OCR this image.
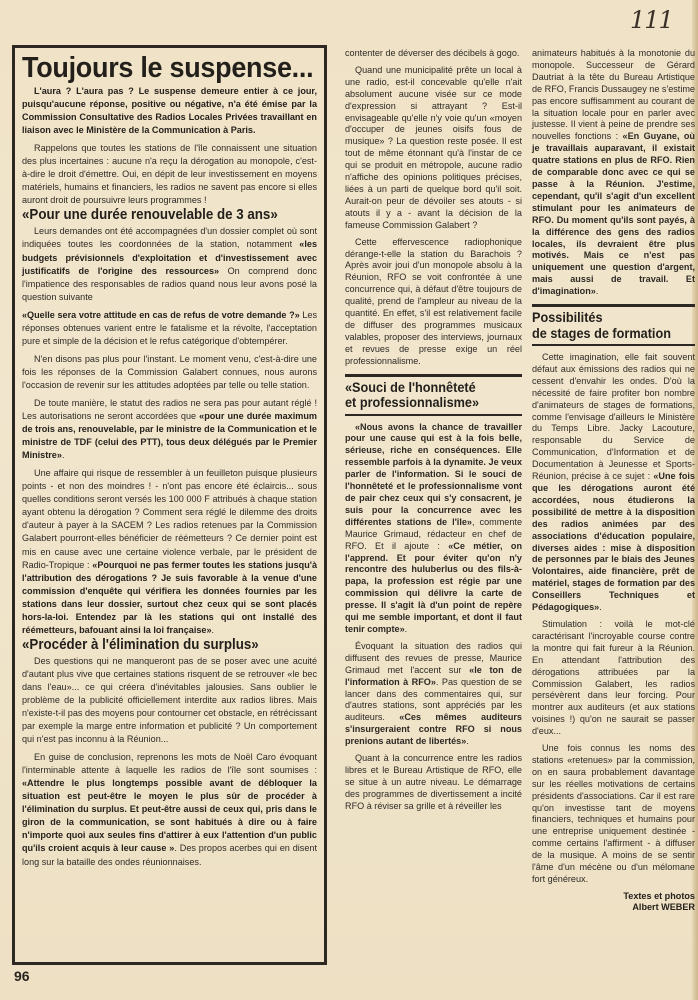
111
Toujours le suspense...

L'aura ? L'aura pas ? Le suspense demeure entier à ce jour, puisqu'aucune réponse, positive ou négative, n'a été émise par la Commission Consultative des Radios Locales Privées travaillant en liaison avec le Ministère de la Communication à Paris.

Rappelons que toutes les stations de l'île connaissent une situation des plus incertaines : aucune n'a reçu la dérogation au monopole, c'est-à-dire le droit d'émettre. Oui, en dépit de leur investissement en moyens matériels, humains et financiers, les radios ne savent pas encore si elles auront droit de poursuivre leurs programmes !

«Pour une durée renouvelable de 3 ans»

Leurs demandes ont été accompagnées d'un dossier complet où sont indiquées toutes les coordonnées de la station, notamment «les budgets prévisionnels d'exploitation et d'investissement avec justificatifs de l'origine des ressources» On comprend donc l'impatience des responsables de radios quand nous leur avons posé la question suivante

«Quelle sera votre attitude en cas de refus de votre demande ?» Les réponses obtenues varient entre le fatalisme et la révolte, l'acceptation pure et simple de la décision et le refus catégorique d'obtempérer.

N'en disons pas plus pour l'instant. Le moment venu, c'est-à-dire une fois les réponses de la Commission Galabert connues, nous aurons l'occasion de revenir sur les attitudes adoptées par telle ou telle station.

De toute manière, le statut des radios ne sera pas pour autant réglé ! Les autorisations ne seront accordées que «pour une durée maximum de trois ans, renouvelable, par le ministre de la Communication et le ministre de TDF (celui des PTT), tous deux délégués par le Premier Ministre».

Une affaire qui risque de ressembler à un feuilleton puisque plusieurs points - et non des moindres ! - n'ont pas encore été éclaircis... sous quelles conditions seront versés les 100 000 F attribués à chaque station ayant obtenu la dérogation ? Comment sera réglé le dilemme des droits d'auteur à payer à la SACEM ? Les radios retenues par la Commission Galabert pourront-elles bénéficier de réémetteurs ? Ce dernier point est mis en cause avec une certaine violence verbale, par le président de Radio-Tropique : «Pourquoi ne pas fermer toutes les stations jusqu'à l'attribution des dérogations ? Je suis favorable à la venue d'une commission d'enquête qui vérifiera les données fournies par les stations dans leur dossier, surtout chez ceux qui se sont placés hors-la-loi. Entendez par là les stations qui ont installé des réémetteurs, bafouant ainsi la loi française».

«Procéder à l'élimination du surplus»

Des questions qui ne manqueront pas de se poser avec une acuité d'autant plus vive que certaines stations risquent de se retrouver «le bec dans l'eau»... ce qui créera d'inévitables jalousies. Sans oublier le problème de la publicité officiellement interdite aux radios libres. Mais n'existe-t-il pas des moyens pour contourner cet obstacle, en rétrécissant par exemple la marge entre information et publicité ? Un comportement qui n'est pas inconnu à la Réunion...

En guise de conclusion, reprenons les mots de Noël Caro évoquant l'interminable attente à laquelle les radios de l'île sont soumises : «Attendre le plus longtemps possible avant de débloquer la situation est peut-être le moyen le plus sûr de procéder à l'élimination du surplus. Et peut-être aussi de ceux qui, pris dans le giron de la communication, se sont habitués à dire ou à faire n'importe quoi aux seules fins d'attirer à eux l'attention d'un public qu'ils croient acquis à leur cause ». Des propos acerbes qui en disent long sur la bataille des ondes réunionnaises.

96

contenter de déverser des décibels à gogo.

Quand une municipalité prête un local à une radio, est-il concevable qu'elle n'ait absolument aucune visée sur ce mode d'expression si attrayant ? Est-il envisageable qu'elle n'y voie qu'un «moyen d'occuper de jeunes oisifs fous de musique» ? La question reste posée. Il est tout de même étonnant qu'à l'instar de ce qui se produit en métropole, aucune radio n'affiche des opinions politiques précises, liées à un parti de quelque bord qu'il soit. Aurait-on peur de dévoiler ses atouts - si atouts il y a - avant la décision de la fameuse Commission Galabert ?

Cette effervescence radiophonique dérange-t-elle la station du Barachois ? Après avoir joui d'un monopole absolu à la Réunion, RFO se voit confrontée à une concurrence qui, à défaut d'être toujours de qualité, prend de l'ampleur au niveau de la quantité. En effet, s'il est relativement facile de diffuser des programmes musicaux valables, proposer des interviews, journaux et revues de presse exige un réel professionnalisme.

«Souci de l'honnêteté
et professionnalisme»

«Nous avons la chance de travailler pour une cause qui est à la fois belle, sérieuse, riche en conséquences. Elle ressemble parfois à la dynamite. Je veux parler de l'information. Si le souci de l'honnêteté et le professionnalisme vont de pair chez ceux qui s'y consacrent, je suis pour la concurrence avec les différentes stations de l'île», commente Maurice Grimaud, rédacteur en chef de RFO. Et il ajoute : «Ce métier, on l'apprend. Et pour éviter qu'on n'y rencontre des huluberlus ou des fils-à-papa, la profession est régie par une commission qui délivre la carte de presse. Il s'agit là d'un point de repère qui me semble important, et dont il faut tenir compte».

Évoquant la situation des radios qui diffusent des revues de presse, Maurice Grimaud met l'accent sur «le ton de l'information à RFO». Pas question de se lancer dans des commentaires qui, sur d'autres stations, sont appréciés par les auditeurs. «Ces mêmes auditeurs s'insurgeraient contre RFO si nous prenions autant de libertés».

Quant à la concurrence entre les radios libres et le Bureau Artistique de RFO, elle se situe à un autre niveau. Le démarrage des programmes de divertissement a incité RFO à réviser sa grille et à réveiller les

animateurs habitués à la monotonie du monopole. Successeur de Gérard Dautriat à la tête du Bureau Artistique de RFO, Francis Dussaugey ne s'estime pas encore suffisamment au courant de la situation locale pour en parler avec justesse. Il vient à peine de prendre ses nouvelles fonctions : «En Guyane, où je travaillais auparavant, il existait quatre stations en plus de RFO. Rien de comparable donc avec ce qui se passe à la Réunion. J'estime, cependant, qu'il s'agit d'un excellent stimulant pour les animateurs de RFO. Du moment qu'ils sont payés, à la différence des gens des radios locales, ils devraient être plus motivés. Mais ce n'est pas uniquement une question d'argent, mais aussi de travail. Et d'imagination».

Possibilités
de stages de formation

Cette imagination, elle fait souvent défaut aux émissions des radios qui ne cessent d'envahir les ondes. D'où la nécessité de faire profiter bon nombre d'animateurs de stages de formations, comme l'envisage d'ailleurs le Ministère du Temps Libre. Jacky Lacouture, responsable du Service de Communication, d'Information et de Documentation à Jeunesse et Sports-Réunion, précise à ce sujet : «Une fois que les dérogations auront été accordées, nous étudierons la possibilité de mettre à la disposition des radios animées par des associations d'éducation populaire, diverses aides : mise à disposition de personnes par le biais des Jeunes Volontaires, aide financière, prêt de matériel, stages de formation par des Conseillers Techniques et Pédagogiques».

Stimulation : voilà le mot-clé caractérisant l'incroyable course contre la montre qui fait fureur à la Réunion. En attendant l'attribution des dérogations attribuées par la Commission Galabert, les radios persévèrent dans leur forcing. Pour montrer aux auditeurs (et aux stations voisines !) qu'on ne saurait se passer d'eux...

Une fois connus les noms des stations «retenues» par la commission, on en saura probablement davantage sur les réelles motivations de certains présidents d'associations. Car il est rare qu'on investisse tant de moyens financiers, techniques et humains pour une entreprise uniquement destinée - comme certains l'affirment - à diffuser de la musique. A moins de se sentir l'âme d'un mécène ou d'un mélomane fort généreux.

Textes et photos
Albert WEBER
